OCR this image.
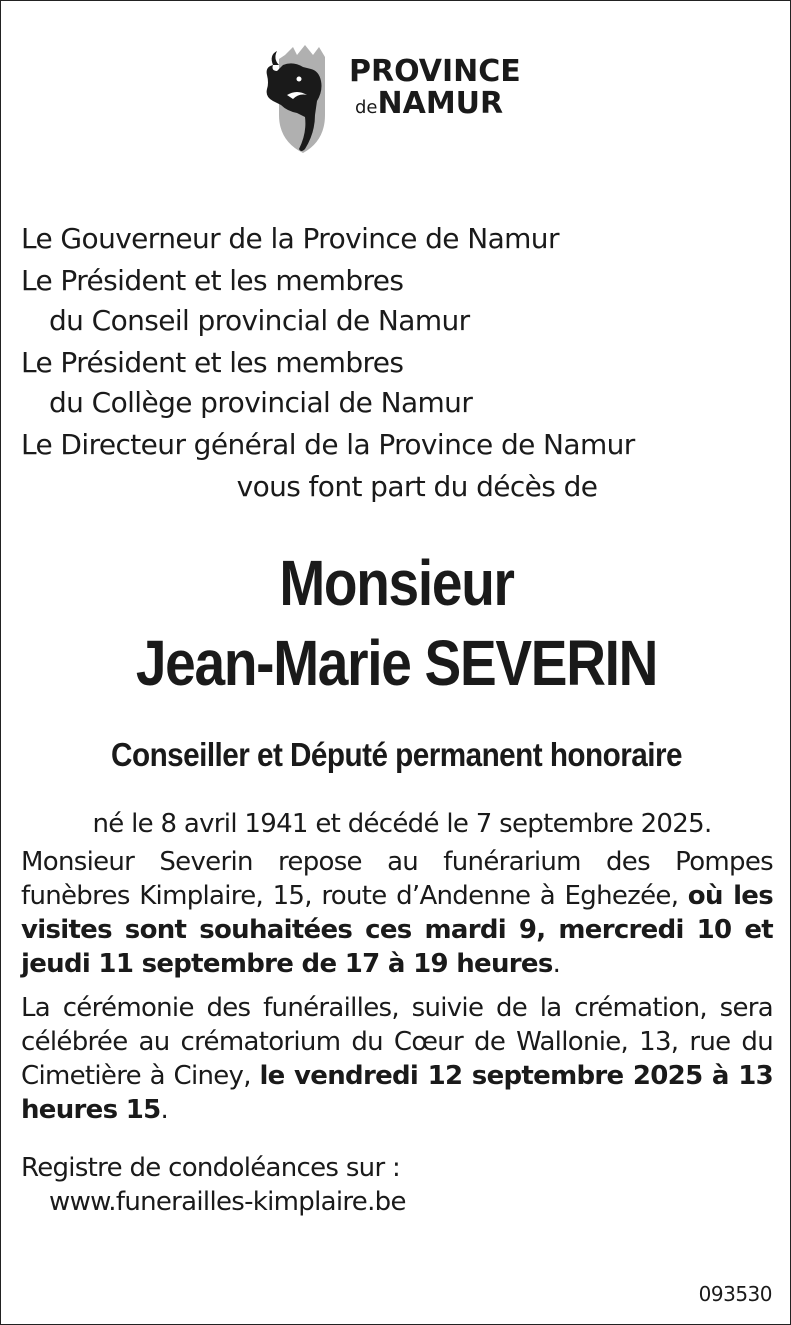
PROVINCE
deNAMUR

Le Gouverneur de la Province de Namur

Le Président et les membres
du Conseil provincial de Namur

Le Président et les membres
du Collège provincial de Namur

Le Directeur général de la Province de Namur

vous font part du décès de

Monsieur
Jean-Marie SEVERIN
Conseiller et Député permanent honoraire

né le 8 avril 1941 et décédé le 7 septembre 2025.

Monsieur Severin repose au funérarium des Pompes funèbres Kimplaire, 15, route d’Andenne à Eghezée, où les visites sont souhaitées ces mardi 9, mercredi 10 et jeudi 11 septembre de 17 à 19 heures.

La cérémonie des funérailles, suivie de la crémation, sera célébrée au crématorium du Cœur de Wallonie, 13, rue du Cimetière à Ciney, le vendredi 12 septembre 2025 à 13 heures 15.

Registre de condoléances sur :
www.funerailles-kimplaire.be

093530
